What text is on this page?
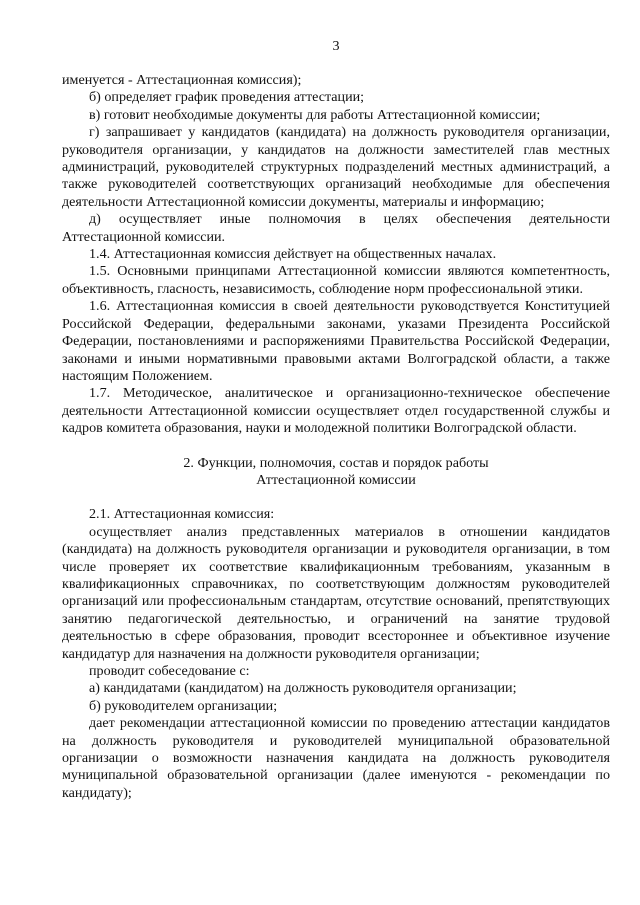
3

именуется - Аттестационная комиссия);

б) определяет график проведения аттестации;

в) готовит необходимые документы для работы Аттестационной комиссии;

г) запрашивает у кандидатов (кандидата) на должность руководителя организации, руководителя организации, у кандидатов на должности заместителей глав местных администраций, руководителей структурных подразделений местных администраций, а также руководителей соответствующих организаций необходимые для обеспечения деятельности Аттестационной комиссии документы, материалы и информацию;

д) осуществляет иные полномочия в целях обеспечения деятельности Аттестационной комиссии.

1.4. Аттестационная комиссия действует на общественных началах.

1.5. Основными принципами Аттестационной комиссии являются компетентность, объективность, гласность, независимость, соблюдение норм профессиональной этики.

1.6. Аттестационная комиссия в своей деятельности руководствуется Конституцией Российской Федерации, федеральными законами, указами Президента Российской Федерации, постановлениями и распоряжениями Правительства Российской Федерации, законами и иными нормативными правовыми актами Волгоградской области, а также настоящим Положением.

1.7. Методическое, аналитическое и организационно-техническое обеспечение деятельности Аттестационной комиссии осуществляет отдел государственной службы и кадров комитета образования, науки и молодежной политики Волгоградской области.

2. Функции, полномочия, состав и порядок работы
Аттестационной комиссии

2.1. Аттестационная комиссия:

осуществляет анализ представленных материалов в отношении кандидатов (кандидата) на должность руководителя организации и руководителя организации, в том числе проверяет их соответствие квалификационным требованиям, указанным в квалификационных справочниках, по соответствующим должностям руководителей организаций или профессиональным стандартам, отсутствие оснований, препятствующих занятию педагогической деятельностью, и ограничений на занятие трудовой деятельностью в сфере образования, проводит всестороннее и объективное изучение кандидатур для назначения на должности руководителя организации;

проводит собеседование с:

а) кандидатами (кандидатом) на должность руководителя организации;

б) руководителем организации;

дает рекомендации аттестационной комиссии по проведению аттестации кандидатов на должность руководителя и руководителей муниципальной образовательной организации о возможности назначения кандидата на должность руководителя муниципальной образовательной организации (далее именуются - рекомендации по кандидату);
